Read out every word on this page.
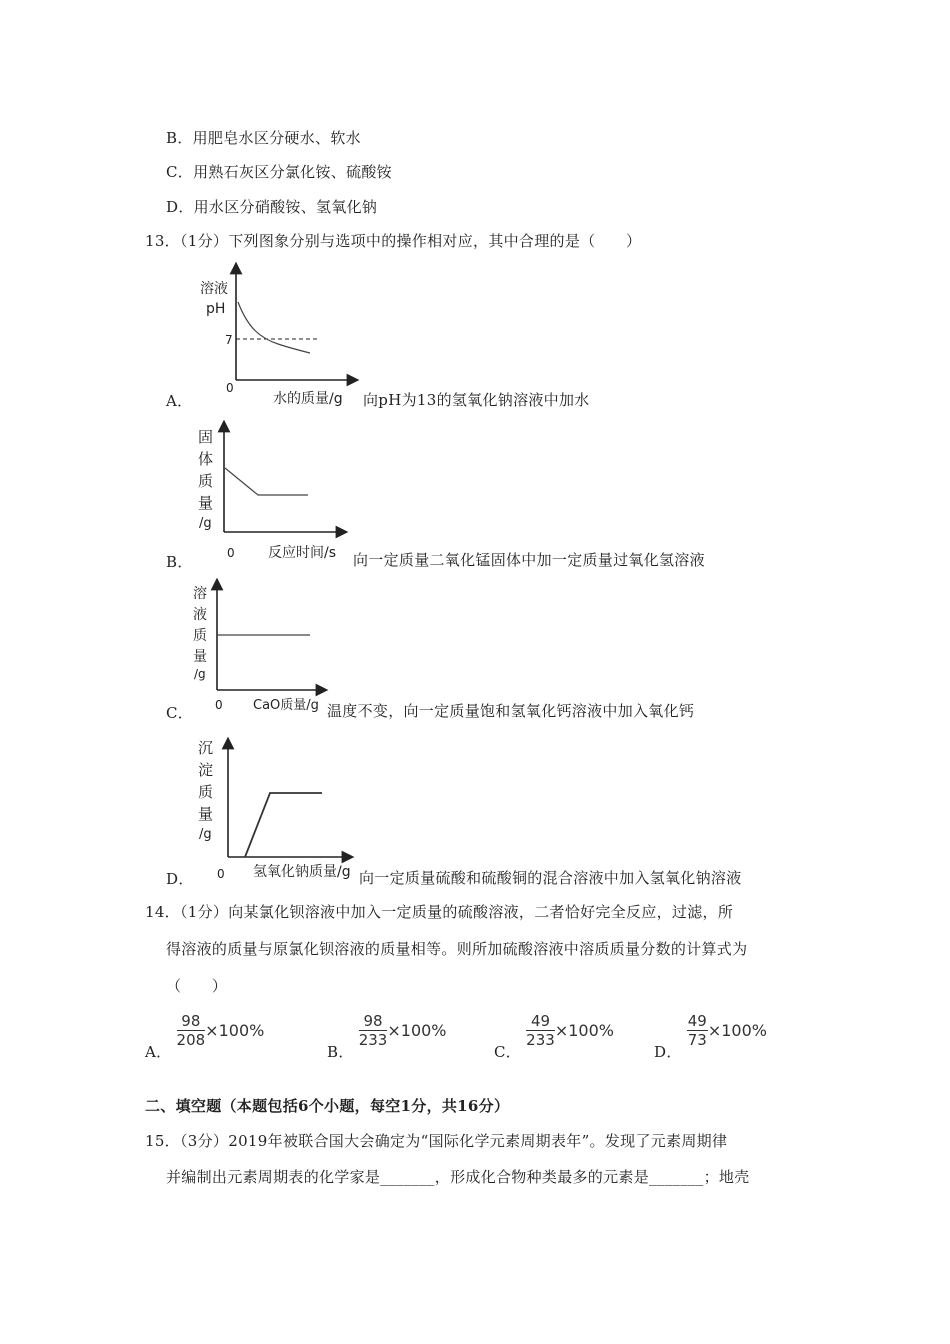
B．用肥皂水区分硬水、软水
C．用熟石灰区分氯化铵、硫酸铵
D．用水区分硝酸铵、氢氧化钠
13．（1分）下列图象分别与选项中的操作相对应，其中合理的是（　　）
溶液
pH
7
0
水的质量/g
A．	向pH为13的氢氧化钠溶液中加水
固
体
质
量
/g
0 反应时间/s
B．	向一定质量二氧化锰固体中加一定质量过氧化氢溶液
溶
液
质
量
/g
0 CaO质量/g
C．	温度不变，向一定质量饱和氢氧化钙溶液中加入氧化钙
沉
淀
质
量
/g
0 氢氧化钠质量/g
D．	向一定质量硫酸和硫酸铜的混合溶液中加入氢氧化钠溶液
14．（1分）向某氯化钡溶液中加入一定质量的硫酸溶液，二者恰好完全反应，过滤，所
得溶液的质量与原氯化钡溶液的质量相等。则所加硫酸溶液中溶质质量分数的计算式为
（　　）
A．
$\frac{98}{208} \times 100\%$
B．
$\frac{98}{233} \times 100\%$
C．
$\frac{49}{233} \times 100\%$
D．
$\frac{49}{73} \times 100\%$
二、填空题（本题包括6个小题，每空1分，共16分）
15．（3分）2019年被联合国大会确定为“国际化学元素周期表年”。发现了元素周期律
并编制出元素周期表的化学家是_______，形成化合物种类最多的元素是_______；地壳
